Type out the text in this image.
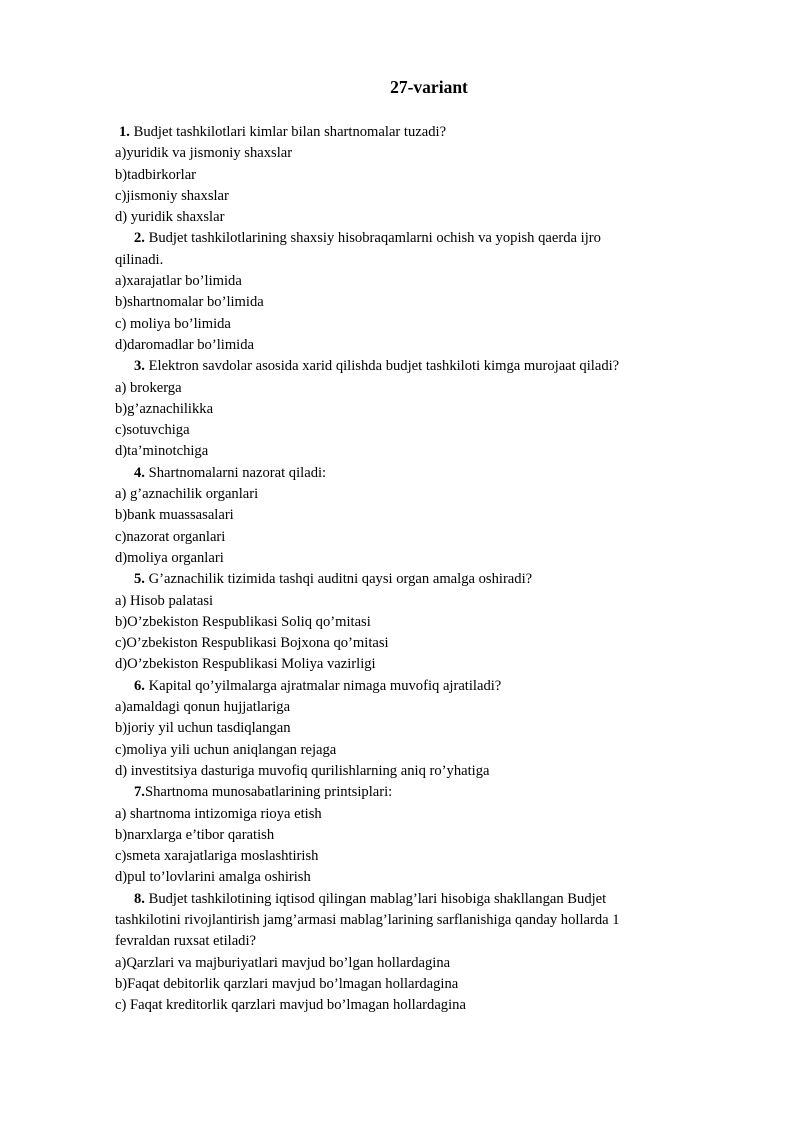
27-variant

1. Budjet tashkilotlari kimlar bilan shartnomalar tuzadi?

a)yuridik va jismoniy shaxslar

b)tadbirkorlar

c)jismoniy shaxslar

d) yuridik shaxslar

2. Budjet tashkilotlarining shaxsiy hisobraqamlarni ochish va yopish qaerda ijro qilinadi.

a)xarajatlar bo’limida

b)shartnomalar bo’limida

c) moliya bo’limida

d)daromadlar bo’limida

3. Elektron savdolar asosida xarid qilishda budjet tashkiloti kimga murojaat qiladi?

a) brokerga

b)g’aznachilikka

c)sotuvchiga

d)ta’minotchiga

4. Shartnomalarni nazorat qiladi:

a) g’aznachilik organlari

b)bank muassasalari

c)nazorat organlari

d)moliya organlari

5. G’aznachilik tizimida tashqi auditni qaysi organ amalga oshiradi?

a) Hisob palatasi

b)O’zbekiston Respublikasi Soliq qo’mitasi

c)O’zbekiston Respublikasi Bojxona qo’mitasi

d)O’zbekiston Respublikasi Moliya vazirligi

6. Kapital qo’yilmalarga ajratmalar nimaga muvofiq ajratiladi?

a)amaldagi qonun hujjatlariga

b)joriy yil uchun tasdiqlangan

c)moliya yili uchun aniqlangan rejaga

d) investitsiya dasturiga muvofiq qurilishlarning aniq ro’yhatiga

7.Shartnoma munosabatlarining printsiplari:

a) shartnoma intizomiga rioya etish

b)narxlarga e’tibor qaratish

c)smeta xarajatlariga moslashtirish

d)pul to’lovlarini amalga oshirish

8. Budjet tashkilotining iqtisod qilingan mablag’lari hisobiga shakllangan Budjet tashkilotini rivojlantirish jamg’armasi mablag’larining sarflanishiga qanday hollarda 1 fevraldan ruxsat etiladi?

a)Qarzlari va majburiyatlari mavjud bo’lgan hollardagina

b)Faqat debitorlik qarzlari mavjud bo’lmagan hollardagina

c) Faqat kreditorlik qarzlari mavjud bo’lmagan hollardagina
